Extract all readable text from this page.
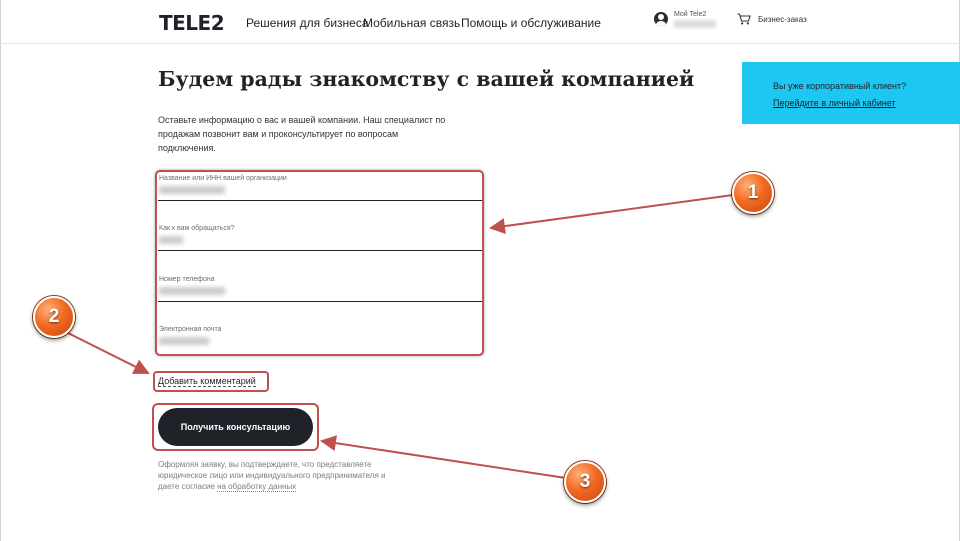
TELE2 Решения для бизнеса
Мобильная связь Помощь и обслуживание
Мой Tele2
Бизнес-заказ
Будем рады знакомству с вашей компанией

Оставьте информацию о вас и вашей компании. Наш специалист по продажам позвонит вам и проконсультирует по вопросам подключения.

Название или ИНН вашей организации
Как к вам обращаться?
Номер телефона
Электронная почта
Добавить комментарий
Получить консультацию

Оформляя заявку, вы подтверждаете, что представляете юридическое лицо или индивидуального предпринимателя и даете согласие на обработку данных

Вы уже корпоративный клиент?
Перейдите в личный кабинет
1
2
3
